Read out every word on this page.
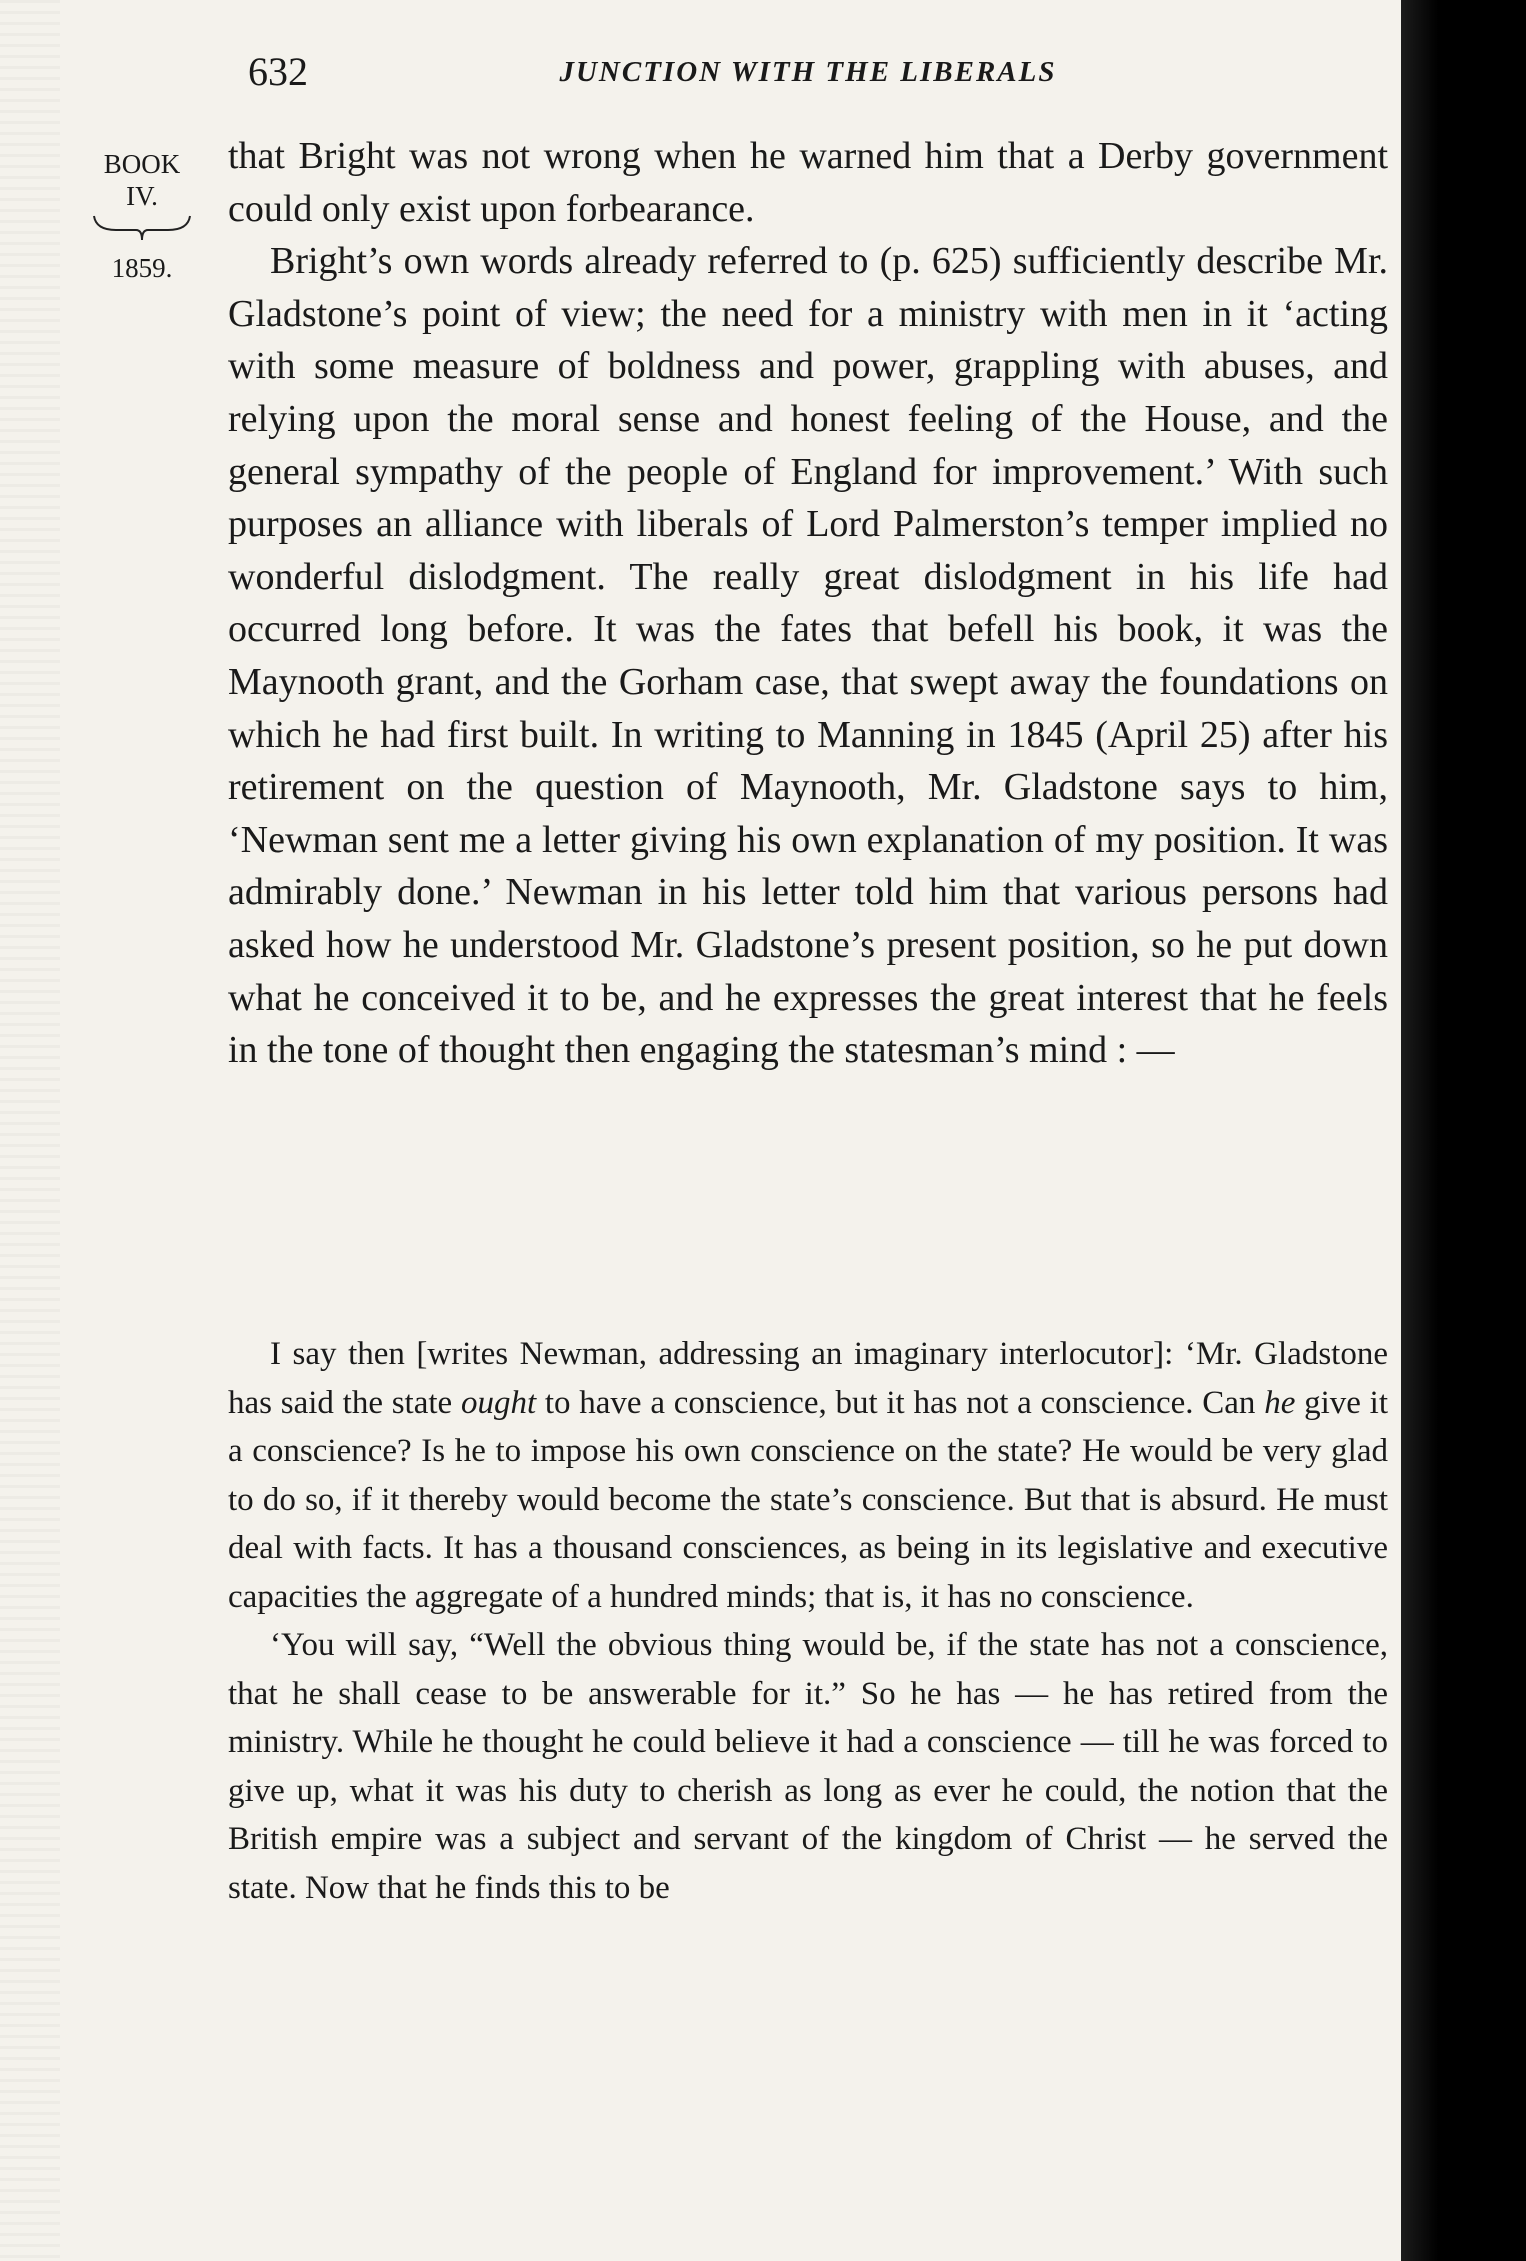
632	JUNCTION WITH THE LIBERALS
BOOK
IV.
1859.

that Bright was not wrong when he warned him that a Derby government could only exist upon forbearance.

Bright’s own words already referred to (p. 625) sufficiently describe Mr. Gladstone’s point of view; the need for a ministry with men in it ‘acting with some measure of boldness and power, grappling with abuses, and relying upon the moral sense and honest feeling of the House, and the general sympathy of the people of England for improvement.’ With such purposes an alliance with liberals of Lord Palmerston’s temper implied no wonderful dislodgment. The really great dislodgment in his life had occurred long before. It was the fates that befell his book, it was the Maynooth grant, and the Gorham case, that swept away the foundations on which he had first built. In writing to Manning in 1845 (April 25) after his retirement on the question of Maynooth, Mr. Gladstone says to him, ‘Newman sent me a letter giving his own explanation of my position. It was admirably done.’ Newman in his letter told him that various persons had asked how he understood Mr. Gladstone’s present position, so he put down what he conceived it to be, and he expresses the great interest that he feels in the tone of thought then engaging the statesman’s mind : —

I say then [writes Newman, addressing an imaginary interlocutor]: ‘Mr. Gladstone has said the state ought to have a conscience, but it has not a conscience. Can he give it a conscience? Is he to impose his own conscience on the state? He would be very glad to do so, if it thereby would become the state’s conscience. But that is absurd. He must deal with facts. It has a thousand consciences, as being in its legislative and executive capacities the aggregate of a hundred minds; that is, it has no conscience.

‘You will say, “Well the obvious thing would be, if the state has not a conscience, that he shall cease to be answerable for it.” So he has — he has retired from the ministry. While he thought he could believe it had a conscience — till he was forced to give up, what it was his duty to cherish as long as ever he could, the notion that the British empire was a subject and servant of the kingdom of Christ — he served the state. Now that he finds this to be
